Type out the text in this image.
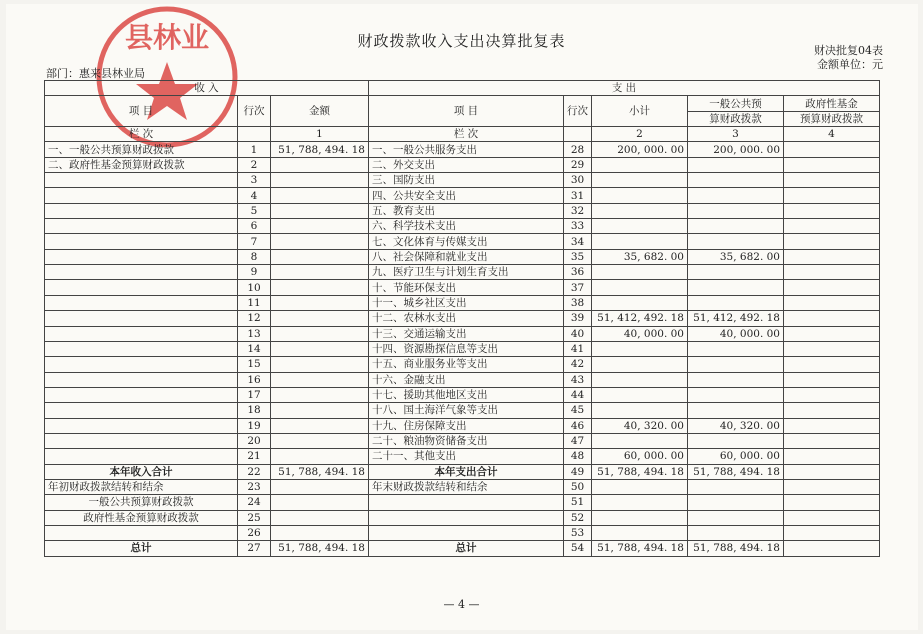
县林业	财政拨款收入支出决算批复表
财决批复04表
金额单位：元
部门：惠来县林业局
收 入			支 出				
项 目	行次	金额	项 目	行次	小计	一般公共预	政府性基金
						算财政拨款	预算财政拨款
栏 次		1	栏 次		2	3	4
一、一般公共预算财政拨款	1	51, 788, 494. 18	一、一般公共服务支出	28	200, 000. 00	200, 000. 00	
二、政府性基金预算财政拨款	2		二、外交支出	29			
	3		三、国防支出	30			
	4		四、公共安全支出	31			
	5		五、教育支出	32			
	6		六、科学技术支出	33			
	7		七、文化体育与传媒支出	34			
	8		八、社会保障和就业支出	35	35, 682. 00	35, 682. 00	
	9		九、医疗卫生与计划生育支出	36			
	10		十、节能环保支出	37			
	11		十一、城乡社区支出	38			
	12		十二、农林水支出	39	51, 412, 492. 18	51, 412, 492. 18	
	13		十三、交通运输支出	40	40, 000. 00	40, 000. 00	
	14		十四、资源勘探信息等支出	41			
	15		十五、商业服务业等支出	42			
	16		十六、金融支出	43			
	17		十七、援助其他地区支出	44			
	18		十八、国土海洋气象等支出	45			
	19		十九、住房保障支出	46	40, 320. 00	40, 320. 00	
	20		二十、粮油物资储备支出	47			
	21		二十一、其他支出	48	60, 000. 00	60, 000. 00	
本年收入合计	22	51, 788, 494. 18	本年支出合计	49	51, 788, 494. 18	51, 788, 494. 18	
年初财政拨款结转和结余	23		年末财政拨款结转和结余	50			
一般公共预算财政拨款	24			51			
政府性基金预算财政拨款	25			52			
	26			53			
总计	27	51, 788, 494. 18	总计	54	51, 788, 494. 18	51, 788, 494. 18	
— 4 —
